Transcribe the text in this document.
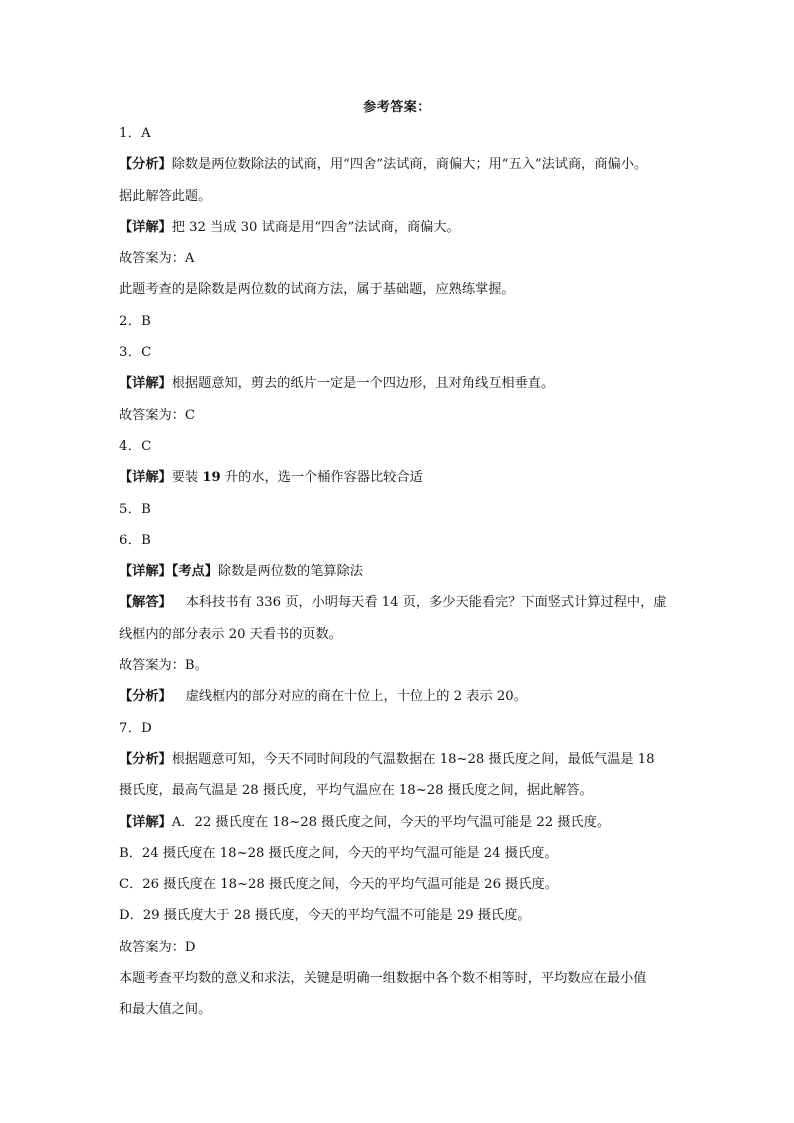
参考答案：
1．A
【分析】除数是两位数除法的试商，用“四舍”法试商，商偏大；用“五入”法试商，商偏小。
据此解答此题。
【详解】把 32 当成 30 试商是用“四舍”法试商，商偏大。
故答案为：A
此题考查的是除数是两位数的试商方法，属于基础题，应熟练掌握。
2．B
3．C
【详解】根据题意知，剪去的纸片一定是一个四边形，且对角线互相垂直。
故答案为：C
4．C
【详解】要装 19 升的水，选一个桶作容器比较合适
5．B
6．B
【详解】【考点】除数是两位数的笔算除法
【解答】 本科技书有 336 页，小明每天看 14 页，多少天能看完？下面竖式计算过程中，虚
线框内的部分表示 20 天看书的页数。
故答案为：B。
【分析】 虚线框内的部分对应的商在十位上，十位上的 2 表示 20。
7．D
【分析】根据题意可知，今天不同时间段的气温数据在 18~28 摄氏度之间，最低气温是 18
摄氏度，最高气温是 28 摄氏度，平均气温应在 18~28 摄氏度之间，据此解答。
【详解】A．22 摄氏度在 18~28 摄氏度之间，今天的平均气温可能是 22 摄氏度。
B．24 摄氏度在 18~28 摄氏度之间，今天的平均气温可能是 24 摄氏度。
C．26 摄氏度在 18~28 摄氏度之间，今天的平均气温可能是 26 摄氏度。
D．29 摄氏度大于 28 摄氏度，今天的平均气温不可能是 29 摄氏度。
故答案为：D
本题考查平均数的意义和求法，关键是明确一组数据中各个数不相等时，平均数应在最小值
和最大值之间。
